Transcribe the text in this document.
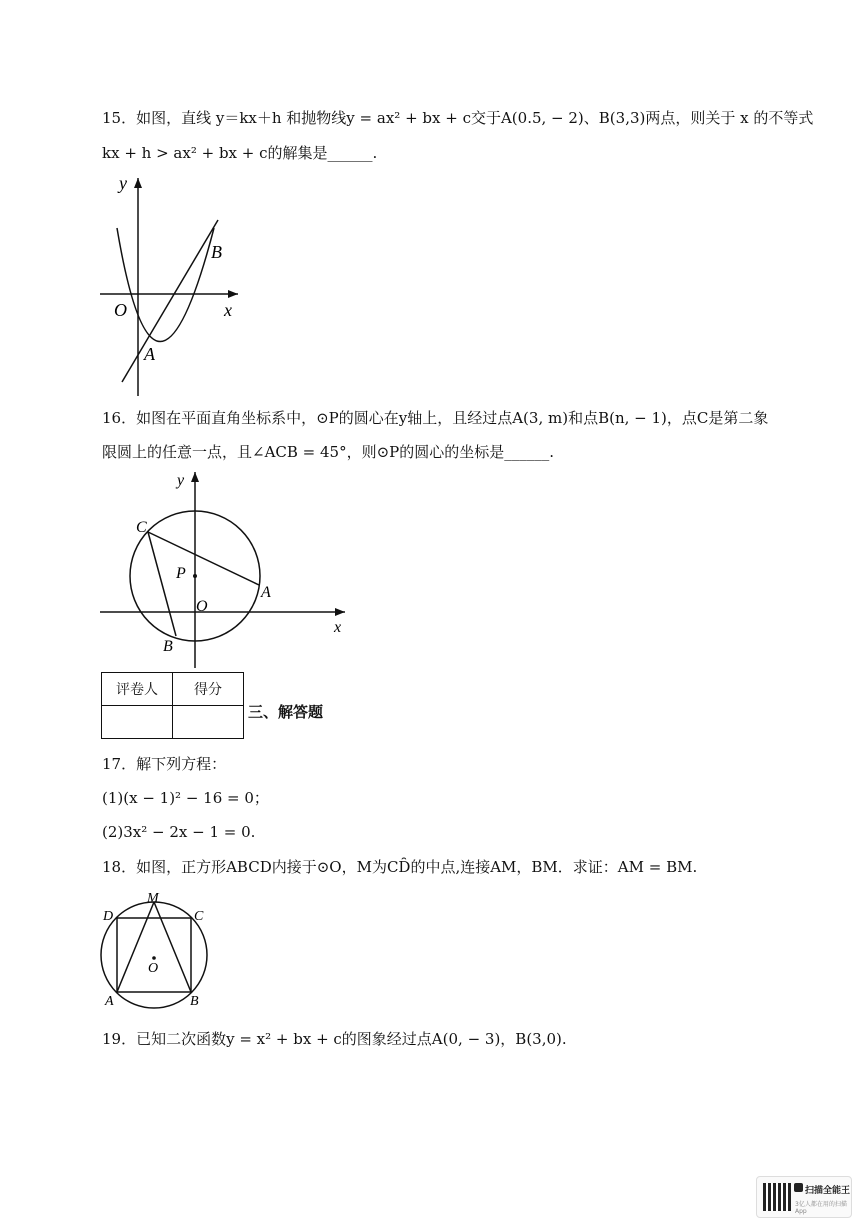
15．如图，直线 y＝kx＋h 和抛物线y = ax² + bx + c交于A(0.5, − 2)、B(3,3)两点，则关于 x 的不等式
kx + h > ax² + bx + c的解集是______.
y
O	x
A
B
16．如图在平面直角坐标系中，⊙P的圆心在y轴上，且经过点A(3, m)和点B(n, − 1)，点C是第二象
限圆上的任意一点，且∠ACB = 45°，则⊙P的圆心的坐标是______.
y
C
P
A
O
x
B
评卷人	得分

三、解答题
17．解下列方程：
(1)(x − 1)² − 16 = 0；
(2)3x² − 2x − 1 = 0.
18．如图，正方形ABCD内接于⊙O，M为CD̑的中点,连接AM，BM．求证：AM = BM.
M
D	C
O
A	B
19．已知二次函数y = x² + bx + c的图象经过点A(0, − 3)，B(3,0).
扫描全能王
3亿人都在用的扫描App
